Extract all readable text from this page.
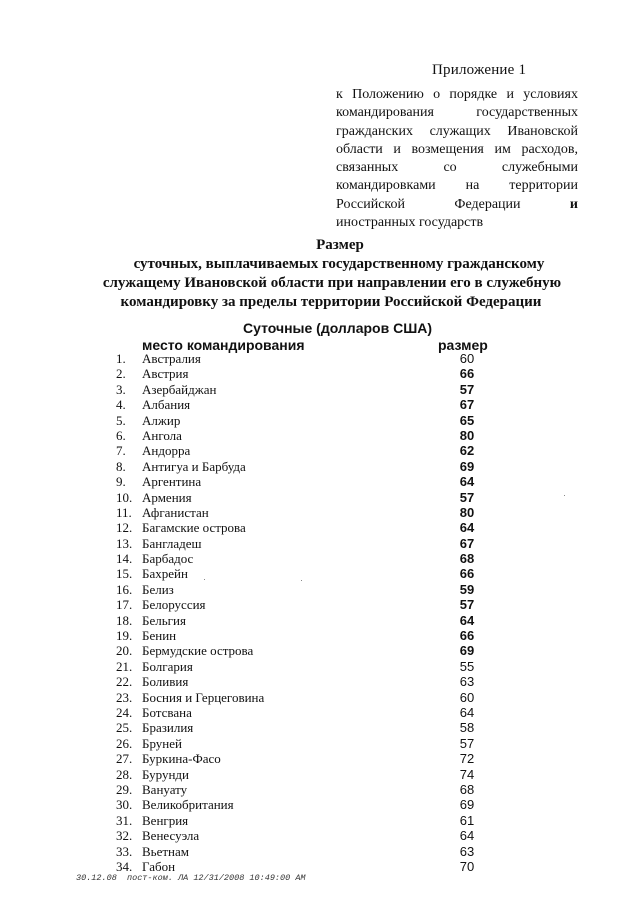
Приложение 1
к Положению о порядке и условиях
командирования	государственных
гражданских служащих Ивановской
области и возмещения им расходов,
связанных	со	служебными
командировками на территории
Российской	Федерации	и
иностранных государств
Размер
суточных, выплачиваемых государственному гражданскому
служащему Ивановской области при направлении его в служебную
командировку за пределы территории Российской Федерации
Суточные (долларов США)
место командирования	размер
1. Австралия	60
2. Австрия	66
3. Азербайджан	57
4. Албания	67
5. Алжир	65
6. Ангола	80
7. Андорра	62
8. Антигуа и Барбуда	69
9. Аргентина	64
10. Армения	57
11. Афганистан	80
12. Багамские острова	64
13. Бангладеш	67
14. Барбадос	68
15. Бахрейн	66
16. Белиз	59
17. Белоруссия	57
18. Бельгия	64
19. Бенин	66
20. Бермудские острова	69
21. Болгария	55
22. Боливия	63
23. Босния и Герцеговина	60
24. Ботсвана	64
25. Бразилия	58
26. Бруней	57
27. Буркина-Фасо	72
28. Бурунди	74
29. Вануату	68
30. Великобритания	69
31. Венгрия	61
32. Венесуэла	64
33. Вьетнам	63
34. Габон	70
30.12.08  пост-ком. ЛА 12/31/2008 10:49:00 AM
